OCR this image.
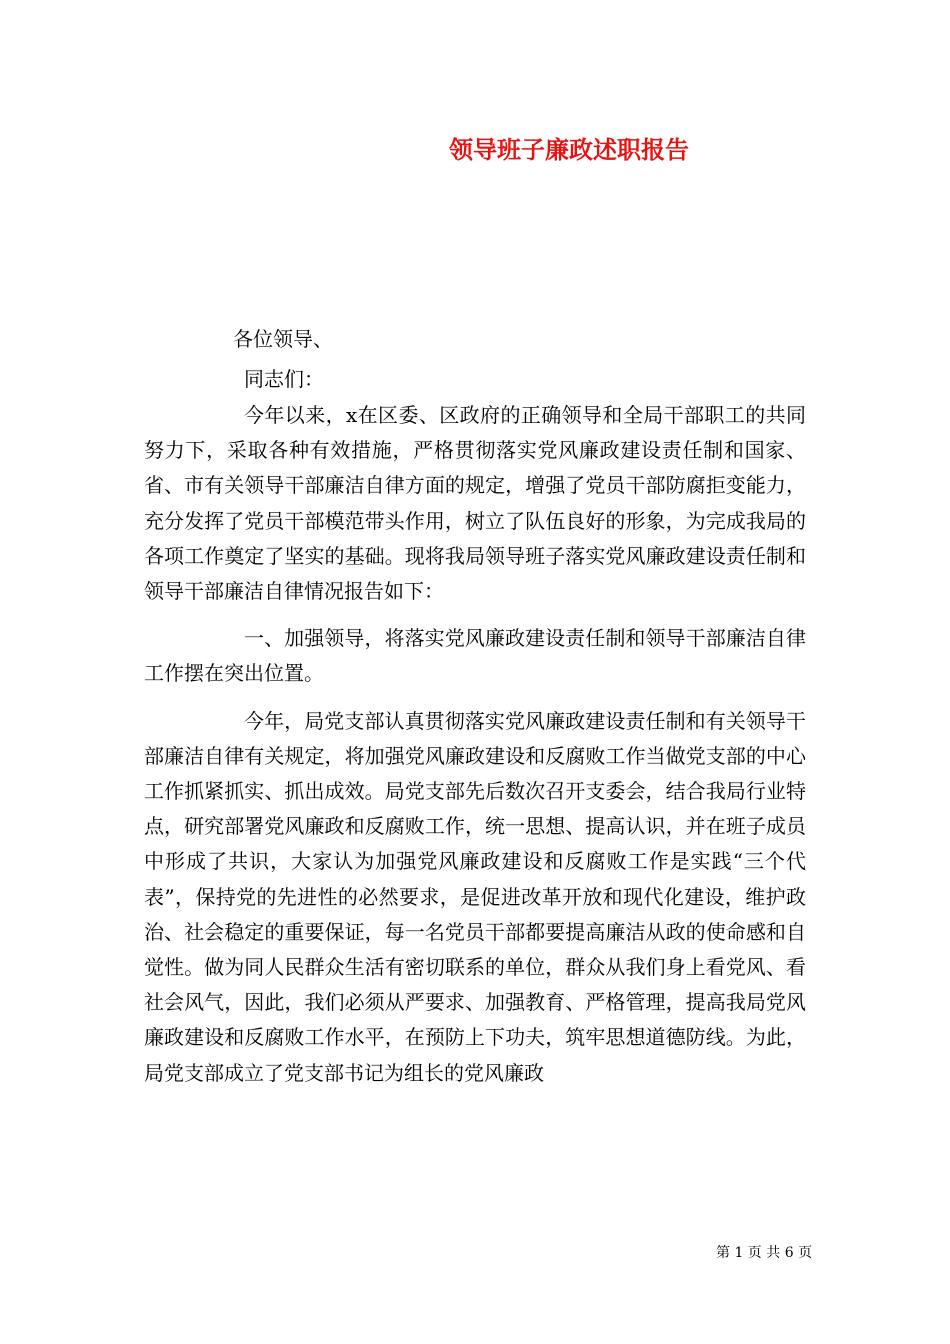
领导班子廉政述职报告
各位领导、
同志们：

今年以来，x在区委、区政府的正确领导和全局干部职工的共同努力下，采取各种有效措施，严格贯彻落实党风廉政建设责任制和国家、省、市有关领导干部廉洁自律方面的规定，增强了党员干部防腐拒变能力，充分发挥了党员干部模范带头作用，树立了队伍良好的形象，为完成我局的各项工作奠定了坚实的基础。现将我局领导班子落实党风廉政建设责任制和领导干部廉洁自律情况报告如下：

一、加强领导，将落实党风廉政建设责任制和领导干部廉洁自律工作摆在突出位置。

今年，局党支部认真贯彻落实党风廉政建设责任制和有关领导干部廉洁自律有关规定，将加强党风廉政建设和反腐败工作当做党支部的中心工作抓紧抓实、抓出成效。局党支部先后数次召开支委会，结合我局行业特点，研究部署党风廉政和反腐败工作，统一思想、提高认识，并在班子成员中形成了共识，大家认为加强党风廉政建设和反腐败工作是实践“三个代表”，保持党的先进性的必然要求，是促进改革开放和现代化建设，维护政治、社会稳定的重要保证，每一名党员干部都要提高廉洁从政的使命感和自觉性。做为同人民群众生活有密切联系的单位，群众从我们身上看党风、看社会风气，因此，我们必须从严要求、加强教育、严格管理，提高我局党风廉政建设和反腐败工作水平，在预防上下功夫，筑牢思想道德防线。为此，局党支部成立了党支部书记为组长的党风廉政

第 1 页 共 6 页
